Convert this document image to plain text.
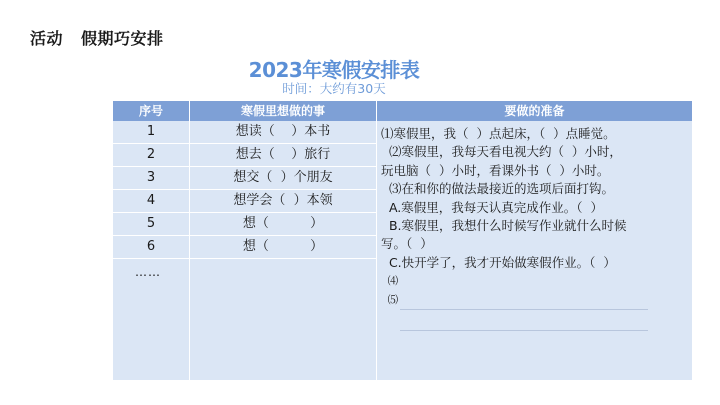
活动 假期巧安排
2023年寒假安排表
时间：大约有30天
序号	寒假里想做的事	要做的准备
1	想读（    ）本书
2	想去（    ）旅行
3	想交（  ）个朋友
4	想学会（  ）本领
5	想（          ）
6	想（          ）
……
⑴寒假里，我（  ）点起床，（  ）点睡觉。
⑵寒假里，我每天看电视大约（  ）小时，
玩电脑（  ）小时，看课外书（  ）小时。
⑶在和你的做法最接近的选项后面打钩。
A.寒假里，我每天认真完成作业。（  ）
B.寒假里，我想什么时候写作业就什么时候
写。（  ）
C.快开学了，我才开始做寒假作业。（  ）
⑷
⑸
